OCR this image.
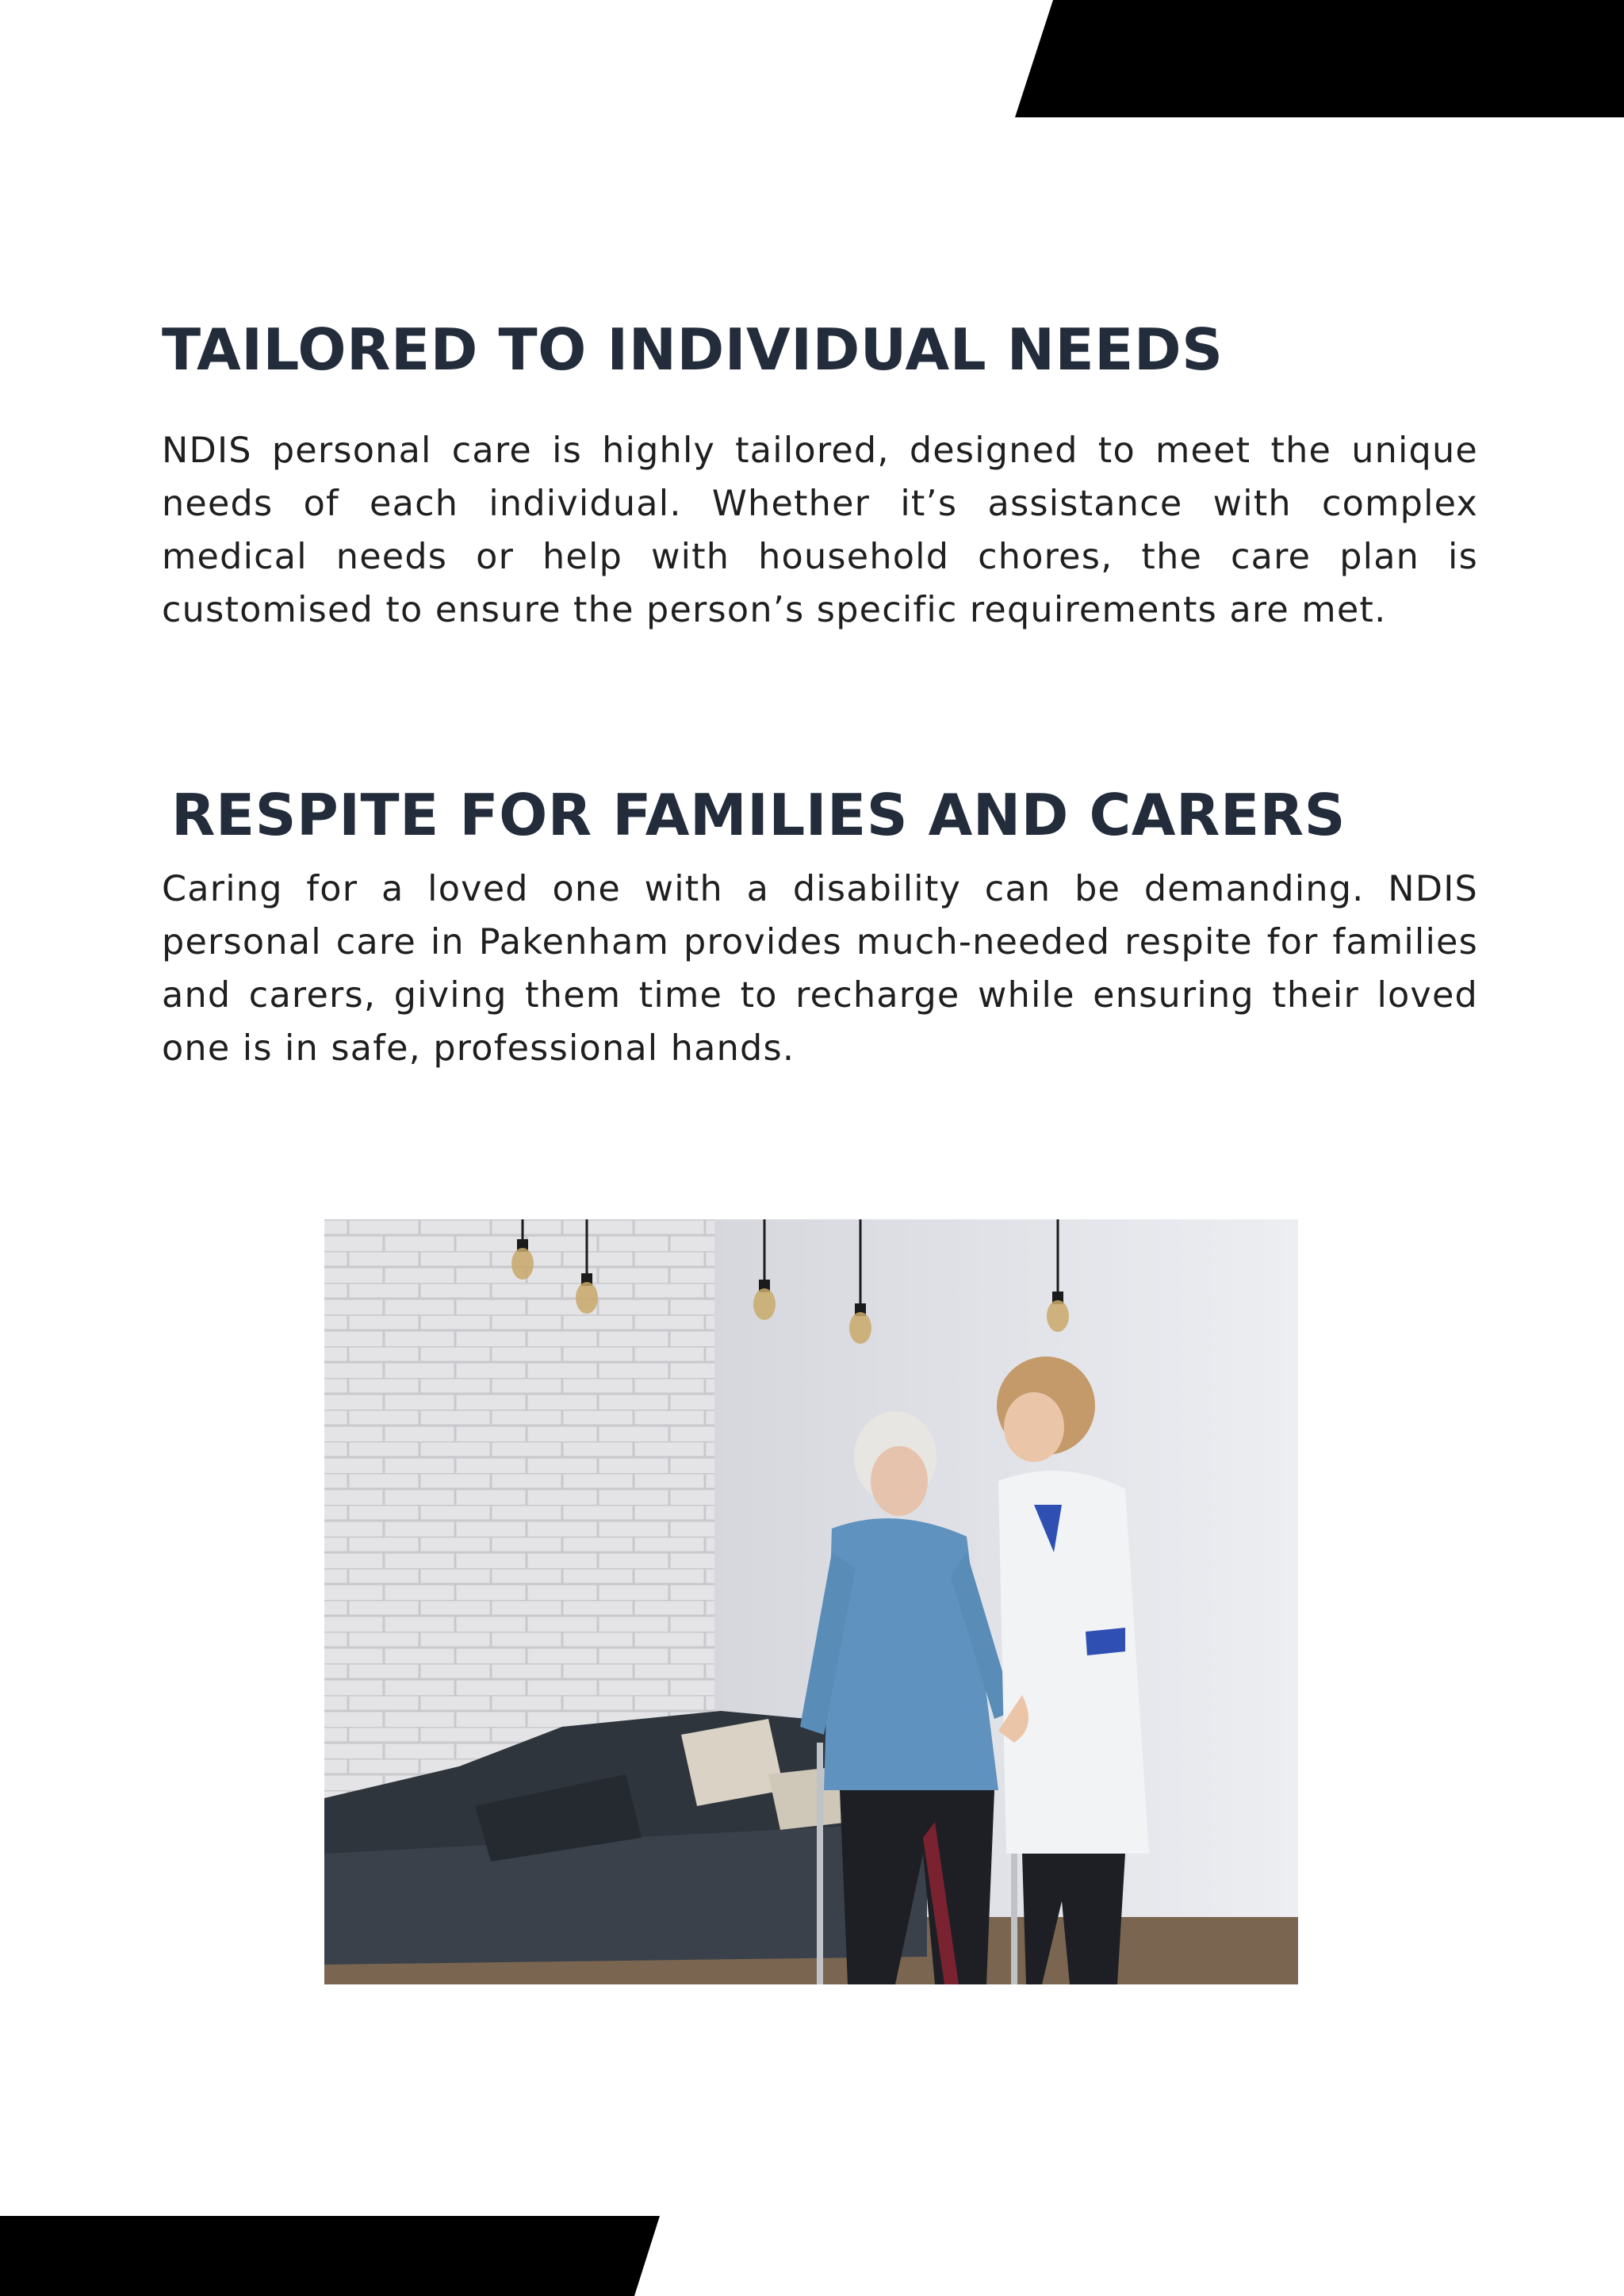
TAILORED TO INDIVIDUAL NEEDS

NDIS personal care is highly tailored, designed to meet the unique needs of each individual. Whether it’s assistance with complex medical needs or help with household chores, the care plan is customised to ensure the person’s specific requirements are met.

RESPITE FOR FAMILIES AND CARERS

Caring for a loved one with a disability can be demanding. NDIS personal care in Pakenham provides much-needed respite for families and carers, giving them time to recharge while ensuring their loved one is in safe, professional hands.
